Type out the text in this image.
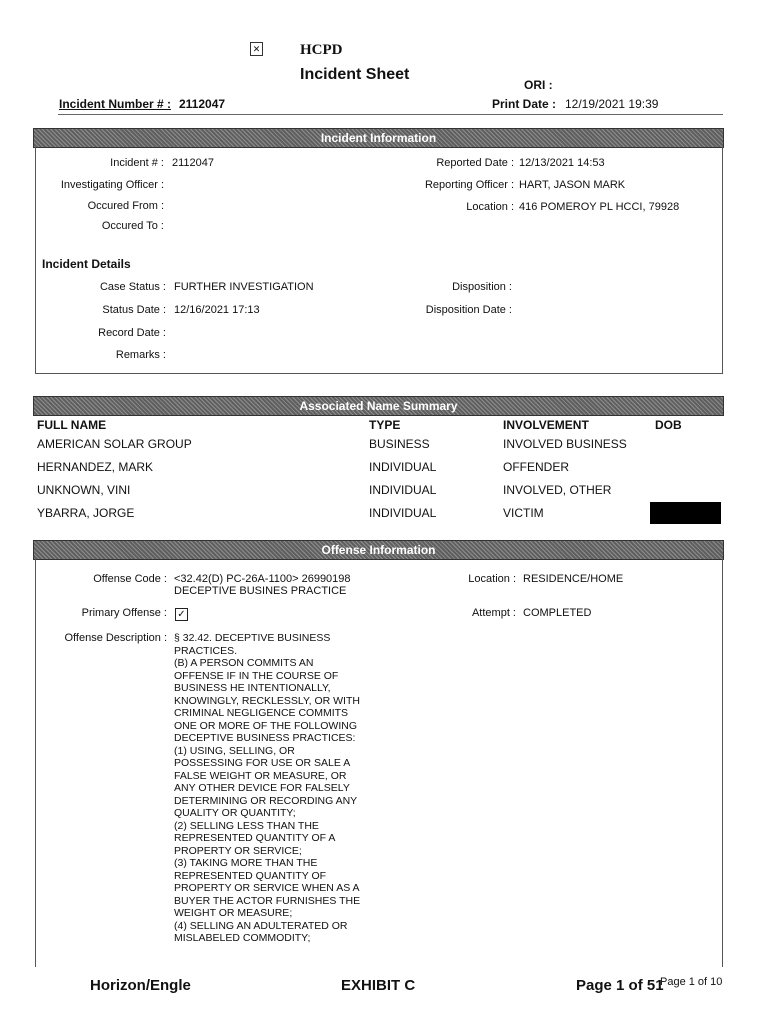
✕	HCPD
Incident Sheet
ORI :
Incident Number # : 2112047	Print Date : 12/19/2021 19:39
Incident Information
Incident # : 2112047
Investigating Officer :
Occured From :
Occured To :
Reported Date : 12/13/2021 14:53
Reporting Officer : HART, JASON MARK
Location : 416 POMEROY PL HCCI, 79928
Incident Details
Case Status : FURTHER INVESTIGATION
Status Date : 12/16/2021 17:13
Record Date :
Remarks :
Disposition :
Disposition Date :
Associated Name Summary
FULL NAME	TYPE	INVOLVEMENT	DOB
AMERICAN SOLAR GROUP	BUSINESS	INVOLVED BUSINESS
HERNANDEZ, MARK	INDIVIDUAL	OFFENDER
UNKNOWN, VINI	INDIVIDUAL	INVOLVED, OTHER
YBARRA, JORGE	INDIVIDUAL	VICTIM
Offense Information
Offense Code : <32.42(D) PC-26A-1100> 26990198
DECEPTIVE BUSINES PRACTICE
Location : RESIDENCE/HOME
Primary Offense : ✓	Attempt : COMPLETED
Offense Description : § 32.42. DECEPTIVE BUSINESS
PRACTICES.
(B) A PERSON COMMITS AN
OFFENSE IF IN THE COURSE OF
BUSINESS HE INTENTIONALLY,
KNOWINGLY, RECKLESSLY, OR WITH
CRIMINAL NEGLIGENCE COMMITS
ONE OR MORE OF THE FOLLOWING
DECEPTIVE BUSINESS PRACTICES:
(1) USING, SELLING, OR
POSSESSING FOR USE OR SALE A
FALSE WEIGHT OR MEASURE, OR
ANY OTHER DEVICE FOR FALSELY
DETERMINING OR RECORDING ANY
QUALITY OR QUANTITY;
(2) SELLING LESS THAN THE
REPRESENTED QUANTITY OF A
PROPERTY OR SERVICE;
(3) TAKING MORE THAN THE
REPRESENTED QUANTITY OF
PROPERTY OR SERVICE WHEN AS A
BUYER THE ACTOR FURNISHES THE
WEIGHT OR MEASURE;
(4) SELLING AN ADULTERATED OR
MISLABELED COMMODITY;
Horizon/Engle	EXHIBIT C	Page 1 of 51
Page 1 of 10
